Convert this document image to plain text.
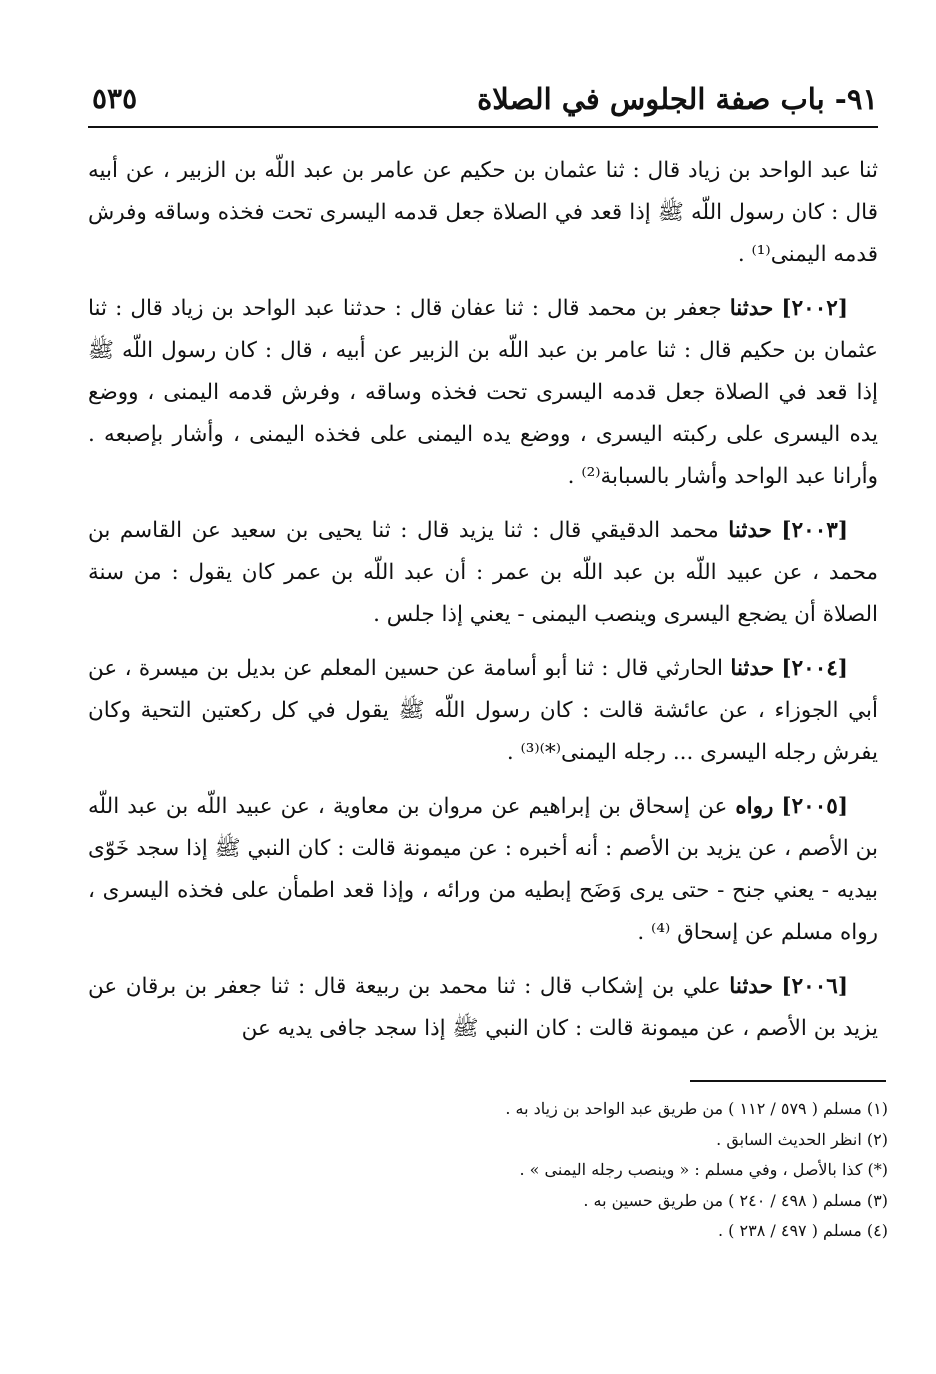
٩١- باب صفة الجلوس في الصلاة
٥٣٥

ثنا عبد الواحد بن زياد قال : ثنا عثمان بن حكيم عن عامر بن عبد اللّه بن الزبير ، عن أبيه قال : كان رسول اللّه ﷺ إذا قعد في الصلاة جعل قدمه اليسرى تحت فخذه وساقه وفرش قدمه اليمنى⁽¹⁾ .

[٢٠٠٢] حدثنا جعفر بن محمد قال : ثنا عفان قال : حدثنا عبد الواحد بن زياد قال : ثنا عثمان بن حكيم قال : ثنا عامر بن عبد اللّه بن الزبير عن أبيه ، قال : كان رسول اللّه ﷺ إذا قعد في الصلاة جعل قدمه اليسرى تحت فخذه وساقه ، وفرش قدمه اليمنى ، ووضع يده اليسرى على ركبته اليسرى ، ووضع يده اليمنى على فخذه اليمنى ، وأشار بإصبعه . وأرانا عبد الواحد وأشار بالسبابة⁽²⁾ .

[٢٠٠٣] حدثنا محمد الدقيقي قال : ثنا يزيد قال : ثنا يحيى بن سعيد عن القاسم بن محمد ، عن عبيد اللّه بن عبد اللّه بن عمر : أن عبد اللّه بن عمر كان يقول : من سنة الصلاة أن يضجع اليسرى وينصب اليمنى - يعني إذا جلس .

[٢٠٠٤] حدثنا الحارثي قال : ثنا أبو أسامة عن حسين المعلم عن بديل بن ميسرة ، عن أبي الجوزاء ، عن عائشة قالت : كان رسول اللّه ﷺ يقول في كل ركعتين التحية وكان يفرش رجله اليسرى ... رجله اليمنى⁽*⁾⁽³⁾ .

[٢٠٠٥] رواه عن إسحاق بن إبراهيم عن مروان بن معاوية ، عن عبيد اللّه بن عبد اللّه بن الأصم ، عن يزيد بن الأصم : أنه أخبره : عن ميمونة قالت : كان النبي ﷺ إذا سجد خَوّى بيديه - يعني جنح - حتى يرى وَضَح إبطيه من ورائه ، وإذا قعد اطمأن على فخذه اليسرى ، رواه مسلم عن إسحاق ⁽⁴⁾ .

[٢٠٠٦] حدثنا علي بن إشكاب قال : ثنا محمد بن ربيعة قال : ثنا جعفر بن برقان عن يزيد بن الأصم ، عن ميمونة قالت : كان النبي ﷺ إذا سجد جافى يديه عن

(١) مسلم ( ٥٧٩ / ١١٢ ) من طريق عبد الواحد بن زياد به .
(٢) انظر الحديث السابق .
(*) كذا بالأصل ، وفي مسلم : « وينصب رجله اليمنى » .
(٣) مسلم ( ٤٩٨ / ٢٤٠ ) من طريق حسين به .
(٤) مسلم ( ٤٩٧ / ٢٣٨ ) .
